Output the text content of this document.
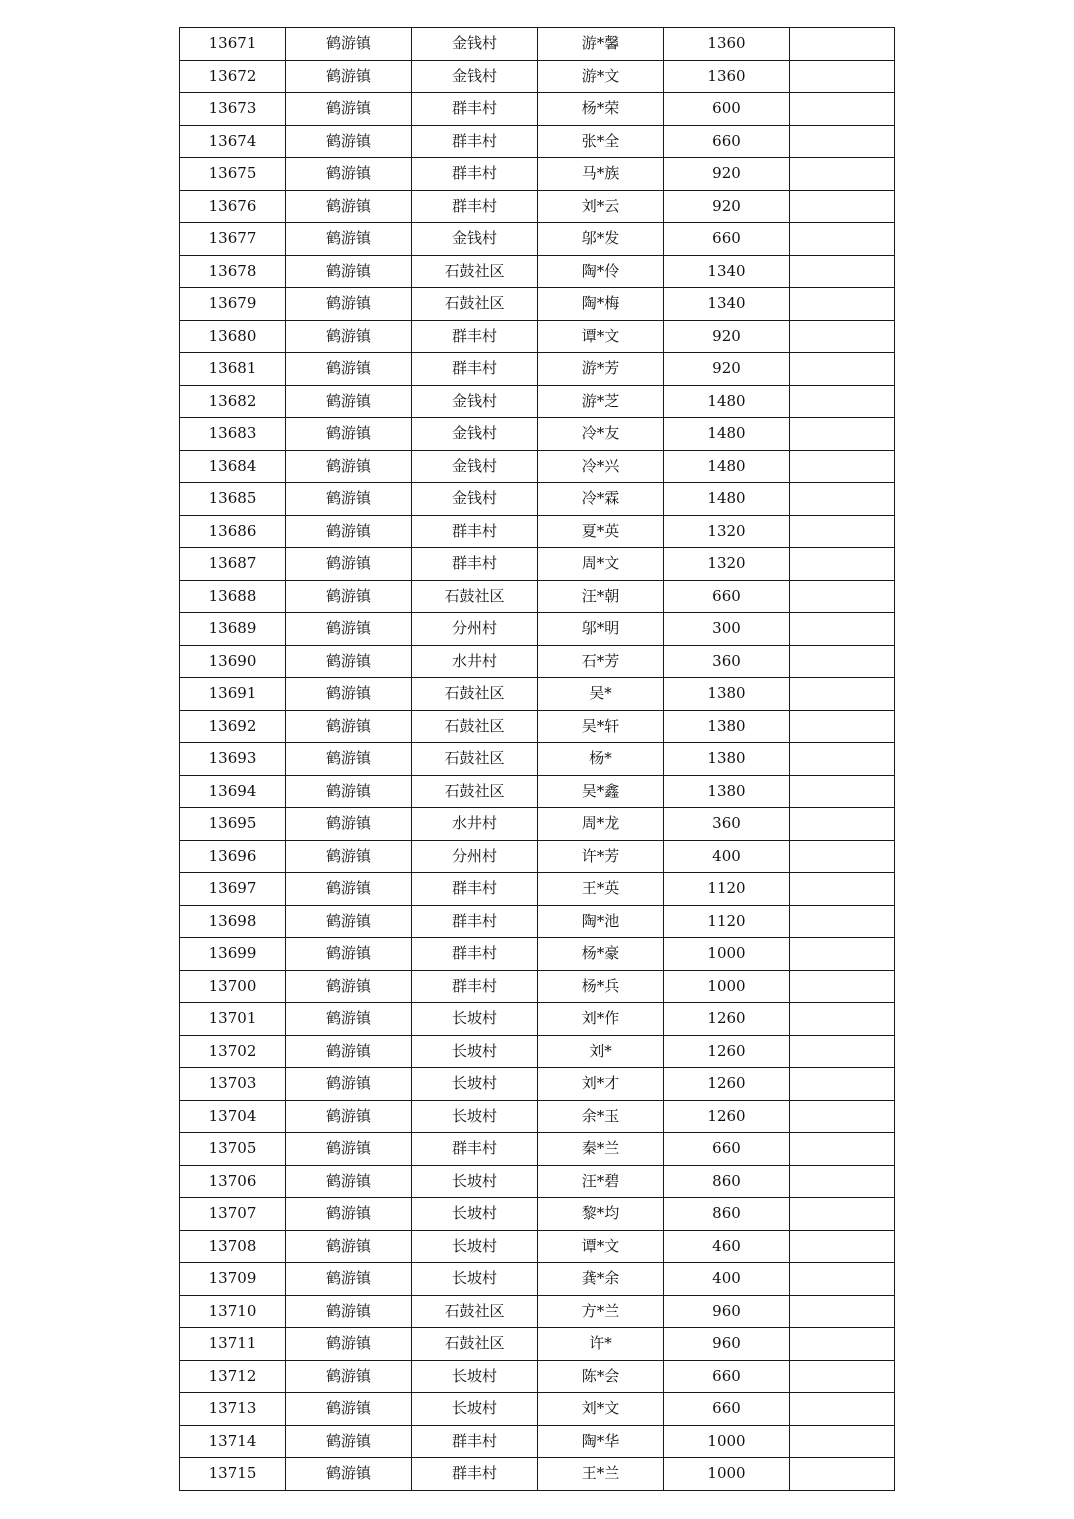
13671	鹤游镇	金钱村	游*馨	1360	
13672	鹤游镇	金钱村	游*文	1360	
13673	鹤游镇	群丰村	杨*荣	600	
13674	鹤游镇	群丰村	张*全	660	
13675	鹤游镇	群丰村	马*族	920	
13676	鹤游镇	群丰村	刘*云	920	
13677	鹤游镇	金钱村	邬*发	660	
13678	鹤游镇	石鼓社区	陶*伶	1340	
13679	鹤游镇	石鼓社区	陶*梅	1340	
13680	鹤游镇	群丰村	谭*文	920	
13681	鹤游镇	群丰村	游*芳	920	
13682	鹤游镇	金钱村	游*芝	1480	
13683	鹤游镇	金钱村	冷*友	1480	
13684	鹤游镇	金钱村	冷*兴	1480	
13685	鹤游镇	金钱村	冷*霖	1480	
13686	鹤游镇	群丰村	夏*英	1320	
13687	鹤游镇	群丰村	周*文	1320	
13688	鹤游镇	石鼓社区	汪*朝	660	
13689	鹤游镇	分州村	邬*明	300	
13690	鹤游镇	水井村	石*芳	360	
13691	鹤游镇	石鼓社区	吴*	1380	
13692	鹤游镇	石鼓社区	吴*轩	1380	
13693	鹤游镇	石鼓社区	杨*	1380	
13694	鹤游镇	石鼓社区	吴*鑫	1380	
13695	鹤游镇	水井村	周*龙	360	
13696	鹤游镇	分州村	许*芳	400	
13697	鹤游镇	群丰村	王*英	1120	
13698	鹤游镇	群丰村	陶*池	1120	
13699	鹤游镇	群丰村	杨*豪	1000	
13700	鹤游镇	群丰村	杨*兵	1000	
13701	鹤游镇	长坡村	刘*作	1260	
13702	鹤游镇	长坡村	刘*	1260	
13703	鹤游镇	长坡村	刘*才	1260	
13704	鹤游镇	长坡村	余*玉	1260	
13705	鹤游镇	群丰村	秦*兰	660	
13706	鹤游镇	长坡村	汪*碧	860	
13707	鹤游镇	长坡村	黎*均	860	
13708	鹤游镇	长坡村	谭*文	460	
13709	鹤游镇	长坡村	龚*余	400	
13710	鹤游镇	石鼓社区	方*兰	960	
13711	鹤游镇	石鼓社区	许*	960	
13712	鹤游镇	长坡村	陈*会	660	
13713	鹤游镇	长坡村	刘*文	660	
13714	鹤游镇	群丰村	陶*华	1000	
13715	鹤游镇	群丰村	王*兰	1000	
